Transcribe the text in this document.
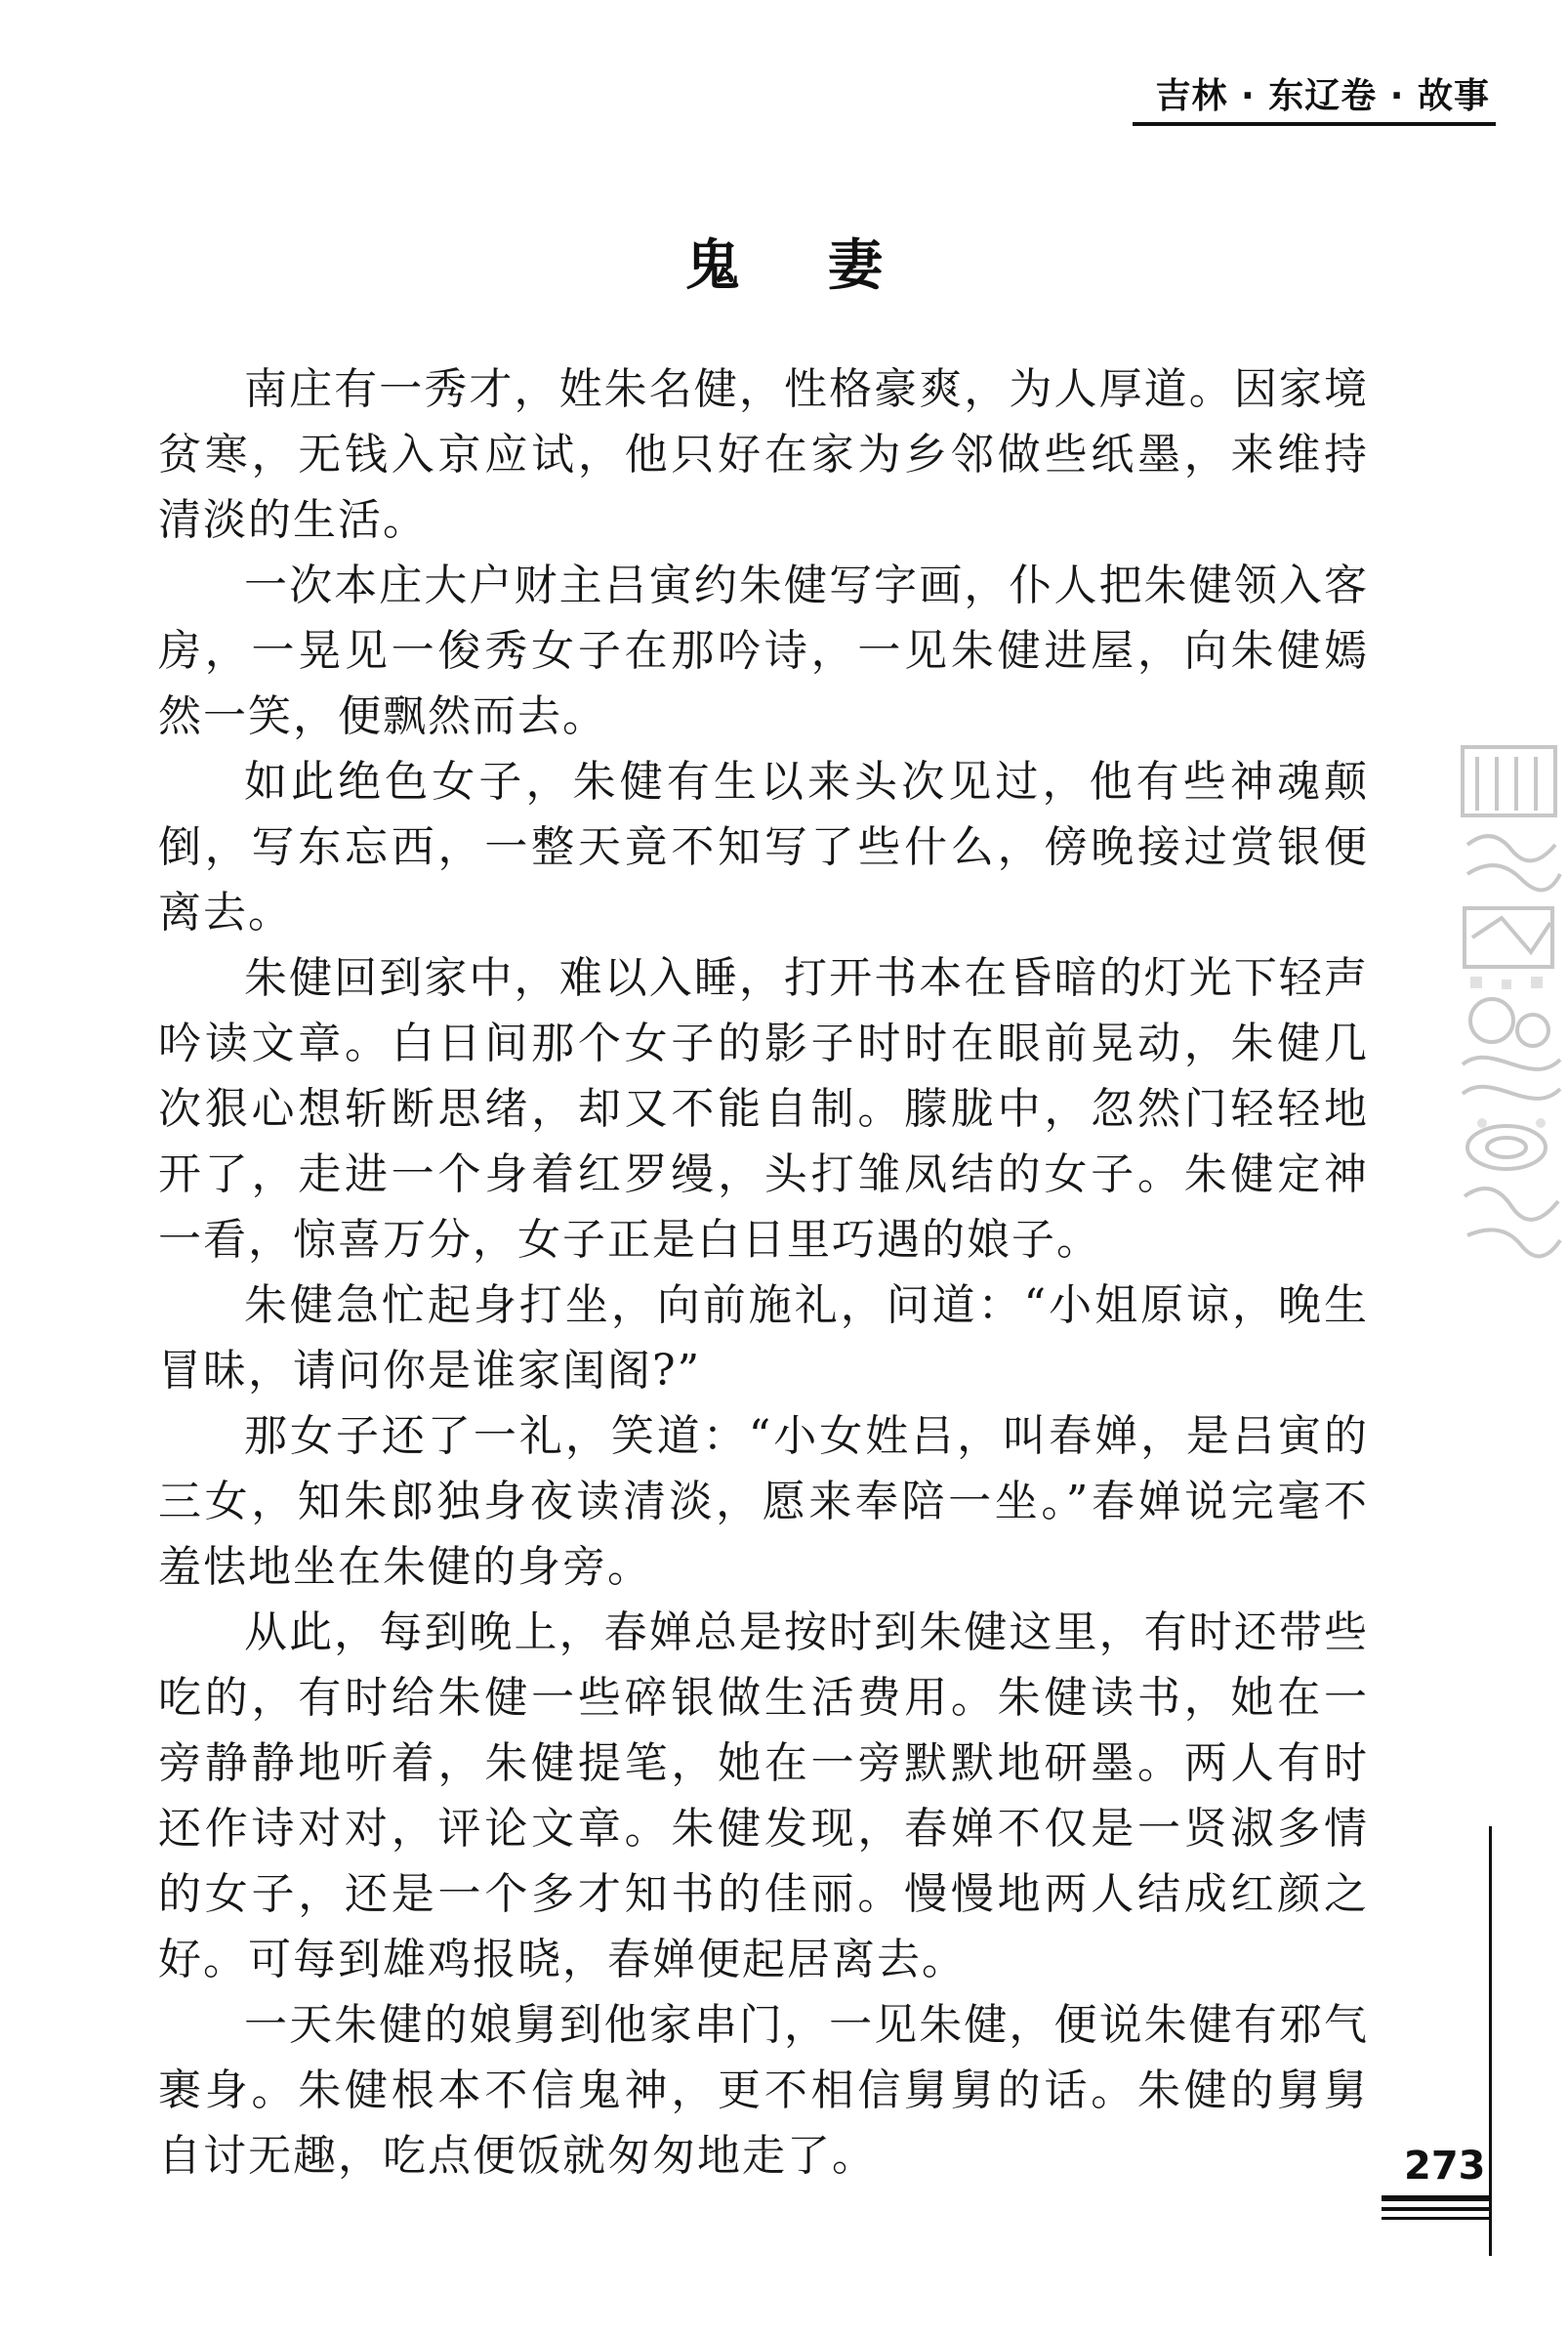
吉林 · 东辽卷 · 故事
鬼妻

南庄有一秀才，姓朱名健，性格豪爽，为人厚道。因家境贫寒，无钱入京应试，他只好在家为乡邻做些纸墨，来维持清淡的生活。

一次本庄大户财主吕寅约朱健写字画，仆人把朱健领入客房，一晃见一俊秀女子在那吟诗，一见朱健进屋，向朱健嫣然一笑，便飘然而去。

如此绝色女子，朱健有生以来头次见过，他有些神魂颠倒，写东忘西，一整天竟不知写了些什么，傍晚接过赏银便离去。

朱健回到家中，难以入睡，打开书本在昏暗的灯光下轻声吟读文章。白日间那个女子的影子时时在眼前晃动，朱健几次狠心想斩断思绪，却又不能自制。朦胧中，忽然门轻轻地开了，走进一个身着红罗缦，头打雏凤结的女子。朱健定神一看，惊喜万分，女子正是白日里巧遇的娘子。

朱健急忙起身打坐，向前施礼，问道：“小姐原谅，晚生冒昧，请问你是谁家闺阁?”

那女子还了一礼，笑道：“小女姓吕，叫春婵，是吕寅的三女，知朱郎独身夜读清淡，愿来奉陪一坐。”春婵说完毫不羞怯地坐在朱健的身旁。

从此，每到晚上，春婵总是按时到朱健这里，有时还带些吃的，有时给朱健一些碎银做生活费用。朱健读书，她在一旁静静地听着，朱健提笔，她在一旁默默地研墨。两人有时还作诗对对，评论文章。朱健发现，春婵不仅是一贤淑多情的女子，还是一个多才知书的佳丽。慢慢地两人结成红颜之好。可每到雄鸡报晓，春婵便起居离去。

一天朱健的娘舅到他家串门，一见朱健，便说朱健有邪气裹身。朱健根本不信鬼神，更不相信舅舅的话。朱健的舅舅自讨无趣，吃点便饭就匆匆地走了。	273
